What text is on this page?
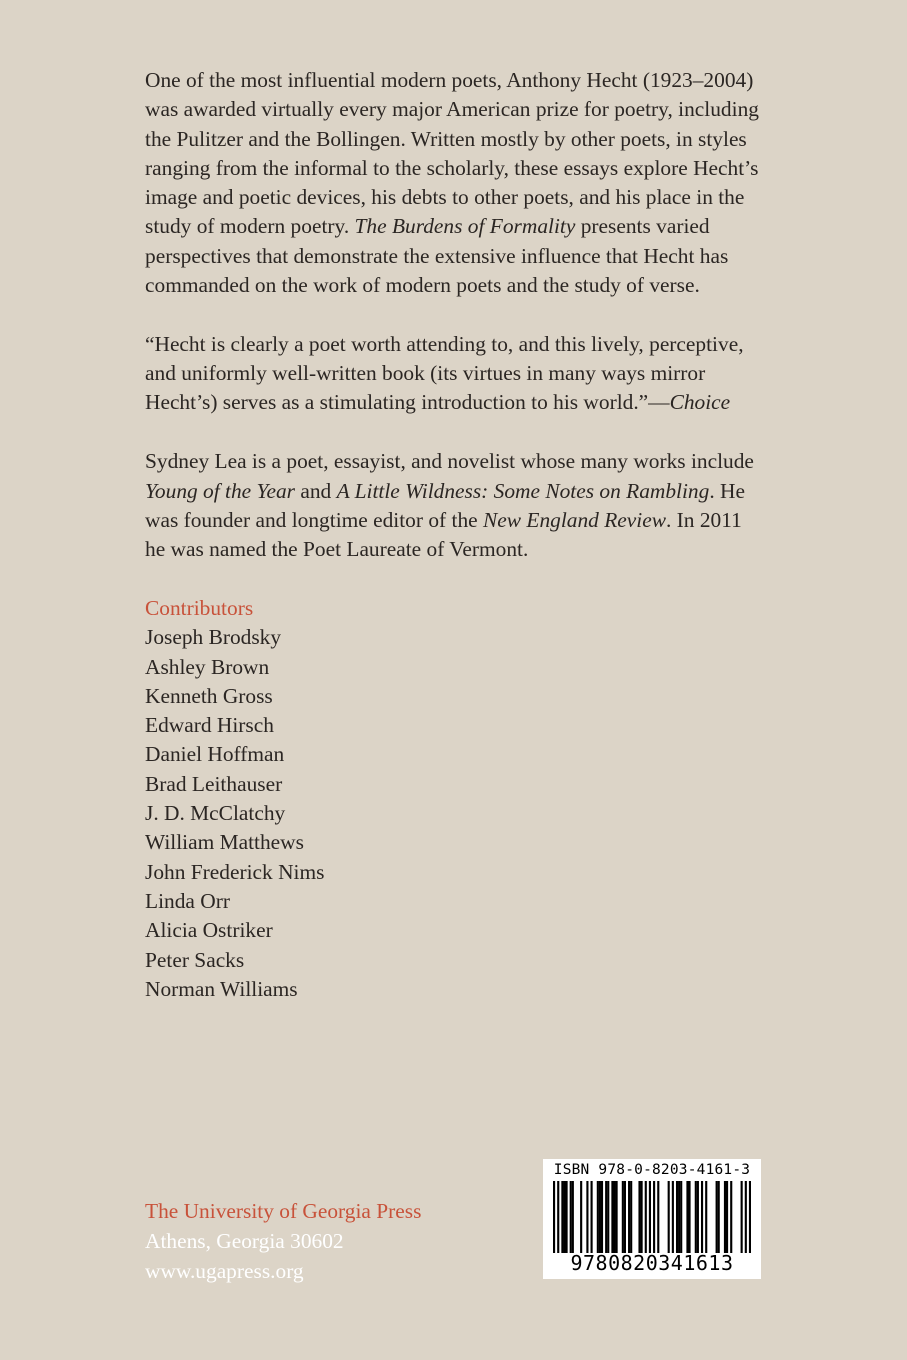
One of the most influential modern poets, Anthony Hecht (1923–2004) was awarded virtually every major American prize for poetry, including the Pulitzer and the Bollingen. Written mostly by other poets, in styles ranging from the informal to the scholarly, these essays explore Hecht’s image and poetic devices, his debts to other poets, and his place in the study of modern poetry. The Burdens of Formality presents varied perspectives that demonstrate the extensive influence that Hecht has commanded on the work of modern poets and the study of verse.

“Hecht is clearly a poet worth attending to, and this lively, perceptive, and uniformly well-written book (its virtues in many ways mirror Hecht’s) serves as a stimulating introduction to his world.”—Choice

Sydney Lea is a poet, essayist, and novelist whose many works include Young of the Year and A Little Wildness: Some Notes on Rambling. He was founder and longtime editor of the New England Review. In 2011 he was named the Poet Laureate of Vermont.

Contributors
Joseph Brodsky
Ashley Brown
Kenneth Gross
Edward Hirsch
Daniel Hoffman
Brad Leithauser
J. D. McClatchy
William Matthews
John Frederick Nims
Linda Orr
Alicia Ostriker
Peter Sacks
Norman Williams
The University of Georgia Press
Athens, Georgia 30602
www.ugapress.org
ISBN 978-0-8203-4161-3
9780820341613
